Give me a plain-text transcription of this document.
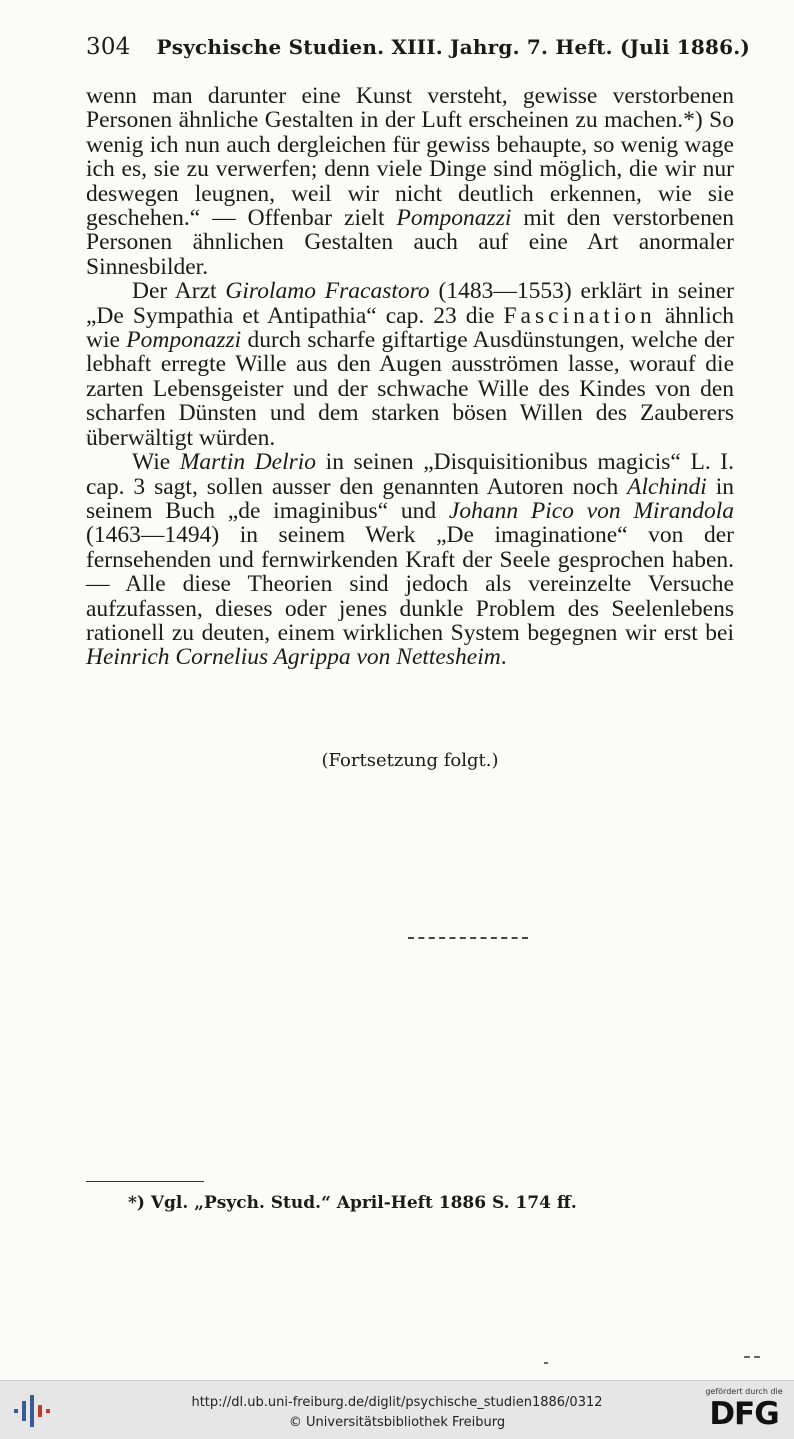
304 Psychische Studien. XIII. Jahrg. 7. Heft. (Juli 1886.)

wenn man darunter eine Kunst versteht, gewisse verstorbenen Personen ähnliche Gestalten in der Luft erscheinen zu machen.*) So wenig ich nun auch dergleichen für gewiss behaupte, so wenig wage ich es, sie zu verwerfen; denn viele Dinge sind möglich, die wir nur deswegen leugnen, weil wir nicht deutlich erkennen, wie sie geschehen.“ — Offenbar zielt Pomponazzi mit den verstorbenen Personen ähnlichen Gestalten auch auf eine Art anormaler Sinnesbilder.

Der Arzt Girolamo Fracastoro (1483—1553) erklärt in seiner „De Sympathia et Antipathia“ cap. 23 die Fascination ähnlich wie Pomponazzi durch scharfe giftartige Ausdünstungen, welche der lebhaft erregte Wille aus den Augen ausströmen lasse, worauf die zarten Lebensgeister und der schwache Wille des Kindes von den scharfen Dünsten und dem starken bösen Willen des Zauberers überwältigt würden.

Wie Martin Delrio in seinen „Disquisitionibus magicis“ L. I. cap. 3 sagt, sollen ausser den genannten Autoren noch Alchindi in seinem Buch „de imaginibus“ und Johann Pico von Mirandola (1463—1494) in seinem Werk „De imaginatione“ von der fernsehenden und fernwirkenden Kraft der Seele gesprochen haben. — Alle diese Theorien sind jedoch als vereinzelte Versuche aufzufassen, dieses oder jenes dunkle Problem des Seelenlebens rationell zu deuten, einem wirklichen System begegnen wir erst bei Heinrich Cornelius Agrippa von Nettesheim.

(Fortsetzung folgt.)
*) Vgl. „Psych. Stud.“ April-Heft 1886 S. 174 ff.
http://dl.ub.uni-freiburg.de/diglit/psychische_studien1886/0312
© Universitätsbibliothek Freiburg
gefördert durch die
DFG
